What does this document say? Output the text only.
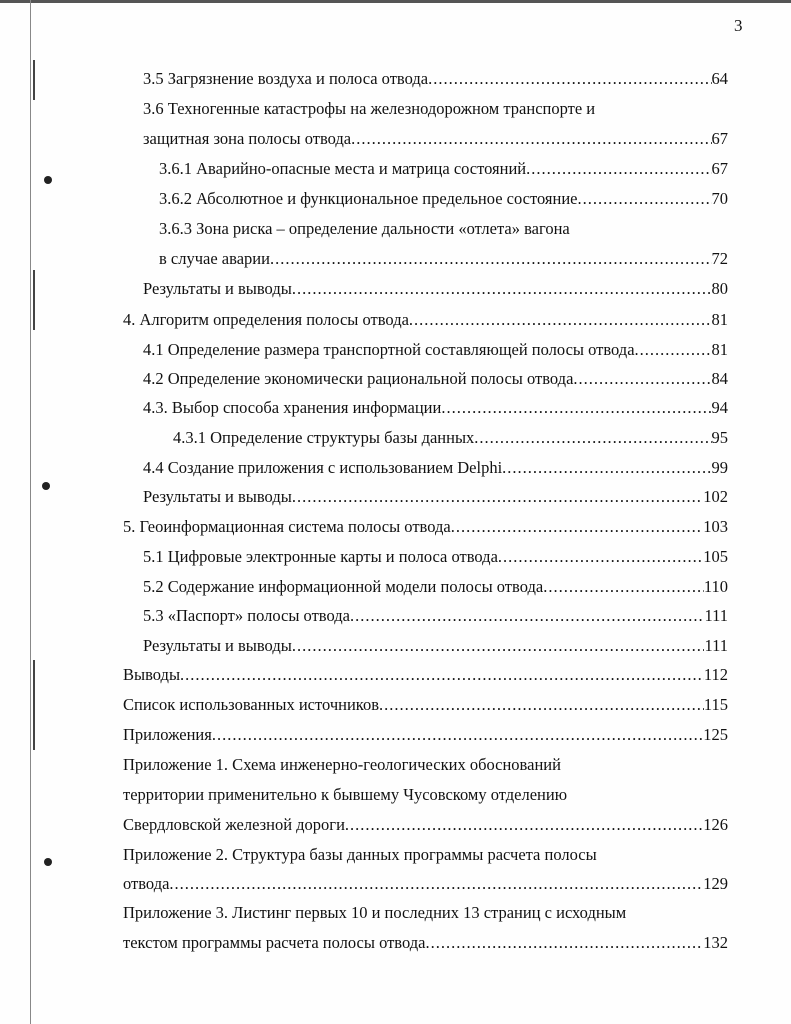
3
3.5 Загрязнение воздуха и полоса отвода .....	64
3.6 Техногенные катастрофы на железнодорожном транспорте и
защитная зона полосы отвода .....	67
3.6.1 Аварийно-опасные места и матрица состояний .....	67
3.6.2 Абсолютное и функциональное предельное состояние .....	70
3.6.3 Зона риска – определение дальности «отлета» вагона
в случае аварии .....	72
Результаты и выводы .....	80
4. Алгоритм определения полосы отвода .....	81
4.1 Определение размера транспортной составляющей полосы отвода .....	81
4.2 Определение экономически рациональной полосы отвода .....	84
4.3. Выбор способа хранения информации .....	94
4.3.1 Определение структуры базы данных .....	95
4.4 Создание приложения с использованием Delphi .....	99
Результаты и выводы .....	102
5. Геоинформационная система полосы отвода .....	103
5.1 Цифровые электронные карты и полоса отвода .....	105
5.2 Содержание информационной модели полосы отвода .....	110
5.3 «Паспорт» полосы отвода .....	111
Результаты и выводы .....	111
Выводы .....	112
Список использованных источников .....	115
Приложения .....	125
Приложение 1. Схема инженерно-геологических обоснований
территории применительно к бывшему Чусовскому отделению
Свердловской железной дороги .....	126
Приложение 2. Структура базы данных программы расчета полосы
отвода .....	129
Приложение 3. Листинг первых 10 и последних 13 страниц с исходным
текстом программы расчета полосы отвода .....	132
